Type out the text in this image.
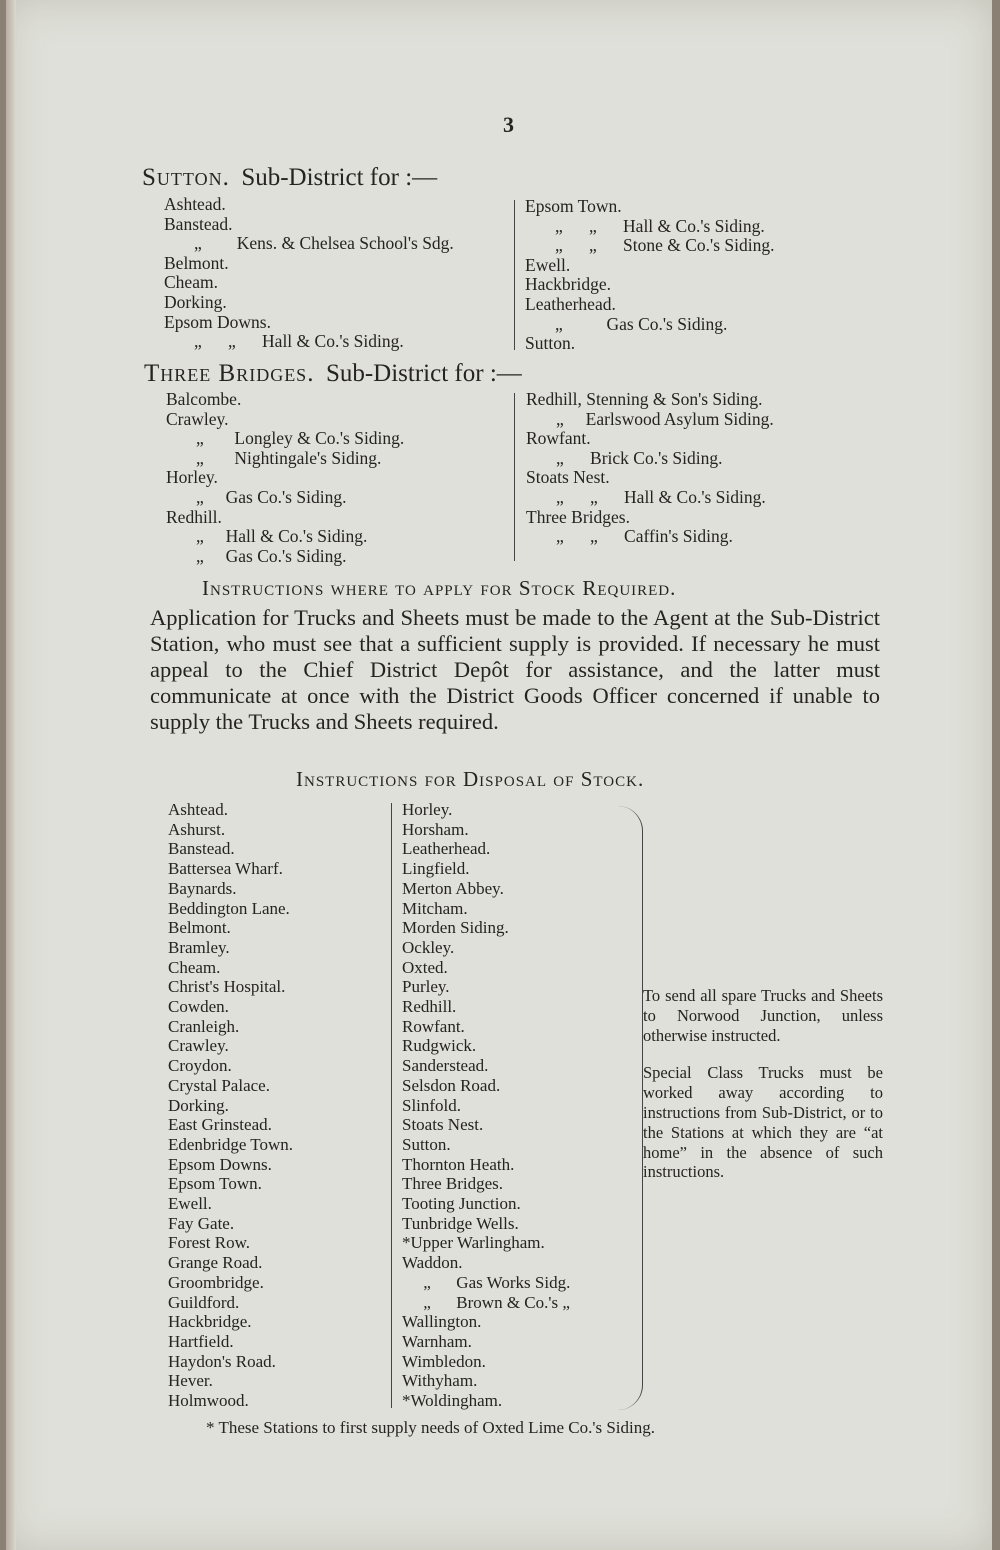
3
Sutton.  Sub-District for :—
Ashtead.
Banstead.
„        Kens. & Chelsea School's Sdg.
Belmont.
Cheam.
Dorking.
Epsom Downs.
„      „      Hall & Co.'s Siding.
Epsom Town.
„      „      Hall & Co.'s Siding.
„      „      Stone & Co.'s Siding.
Ewell.
Hackbridge.
Leatherhead.
„          Gas Co.'s Siding.
Sutton.
Three Bridges.  Sub-District for :—
Balcombe.
Crawley.
„       Longley & Co.'s Siding.
„       Nightingale's Siding.
Horley.
„     Gas Co.'s Siding.
Redhill.
„     Hall & Co.'s Siding.
„     Gas Co.'s Siding.
Redhill, Stenning & Son's Siding.
„     Earlswood Asylum Siding.
Rowfant.
„      Brick Co.'s Siding.
Stoats Nest.
„      „      Hall & Co.'s Siding.
Three Bridges.
„      „      Caffin's Siding.
Instructions where to apply for Stock Required.
Application for Trucks and Sheets must be made to the Agent at the Sub-District Station, who must see that a sufficient supply is provided. If necessary he must appeal to the Chief District Depôt for assistance, and the latter must communicate at once with the District Goods Officer concerned if unable to supply the Trucks and Sheets required.
Instructions for Disposal of Stock.
Ashtead.
Ashurst.
Banstead.
Battersea Wharf.
Baynards.
Beddington Lane.
Belmont.
Bramley.
Cheam.
Christ's Hospital.
Cowden.
Cranleigh.
Crawley.
Croydon.
Crystal Palace.
Dorking.
East Grinstead.
Edenbridge Town.
Epsom Downs.
Epsom Town.
Ewell.
Fay Gate.
Forest Row.
Grange Road.
Groombridge.
Guildford.
Hackbridge.
Hartfield.
Haydon's Road.
Hever.
Holmwood.
Horley.
Horsham.
Leatherhead.
Lingfield.
Merton Abbey.
Mitcham.
Morden Siding.
Ockley.
Oxted.
Purley.
Redhill.
Rowfant.
Rudgwick.
Sanderstead.
Selsdon Road.
Slinfold.
Stoats Nest.
Sutton.
Thornton Heath.
Three Bridges.
Tooting Junction.
Tunbridge Wells.
*Upper Warlingham.
Waddon.
„      Gas Works Sidg.
„      Brown & Co.'s „
Wallington.
Warnham.
Wimbledon.
Withyham.
*Woldingham.

To send all spare Trucks and Sheets to Norwood Junction, unless otherwise instructed.

Special Class Trucks must be worked away according to instructions from Sub-District, or to the Stations at which they are “at home” in the absence of such instructions.

* These Stations to first supply needs of Oxted Lime Co.'s Siding.
